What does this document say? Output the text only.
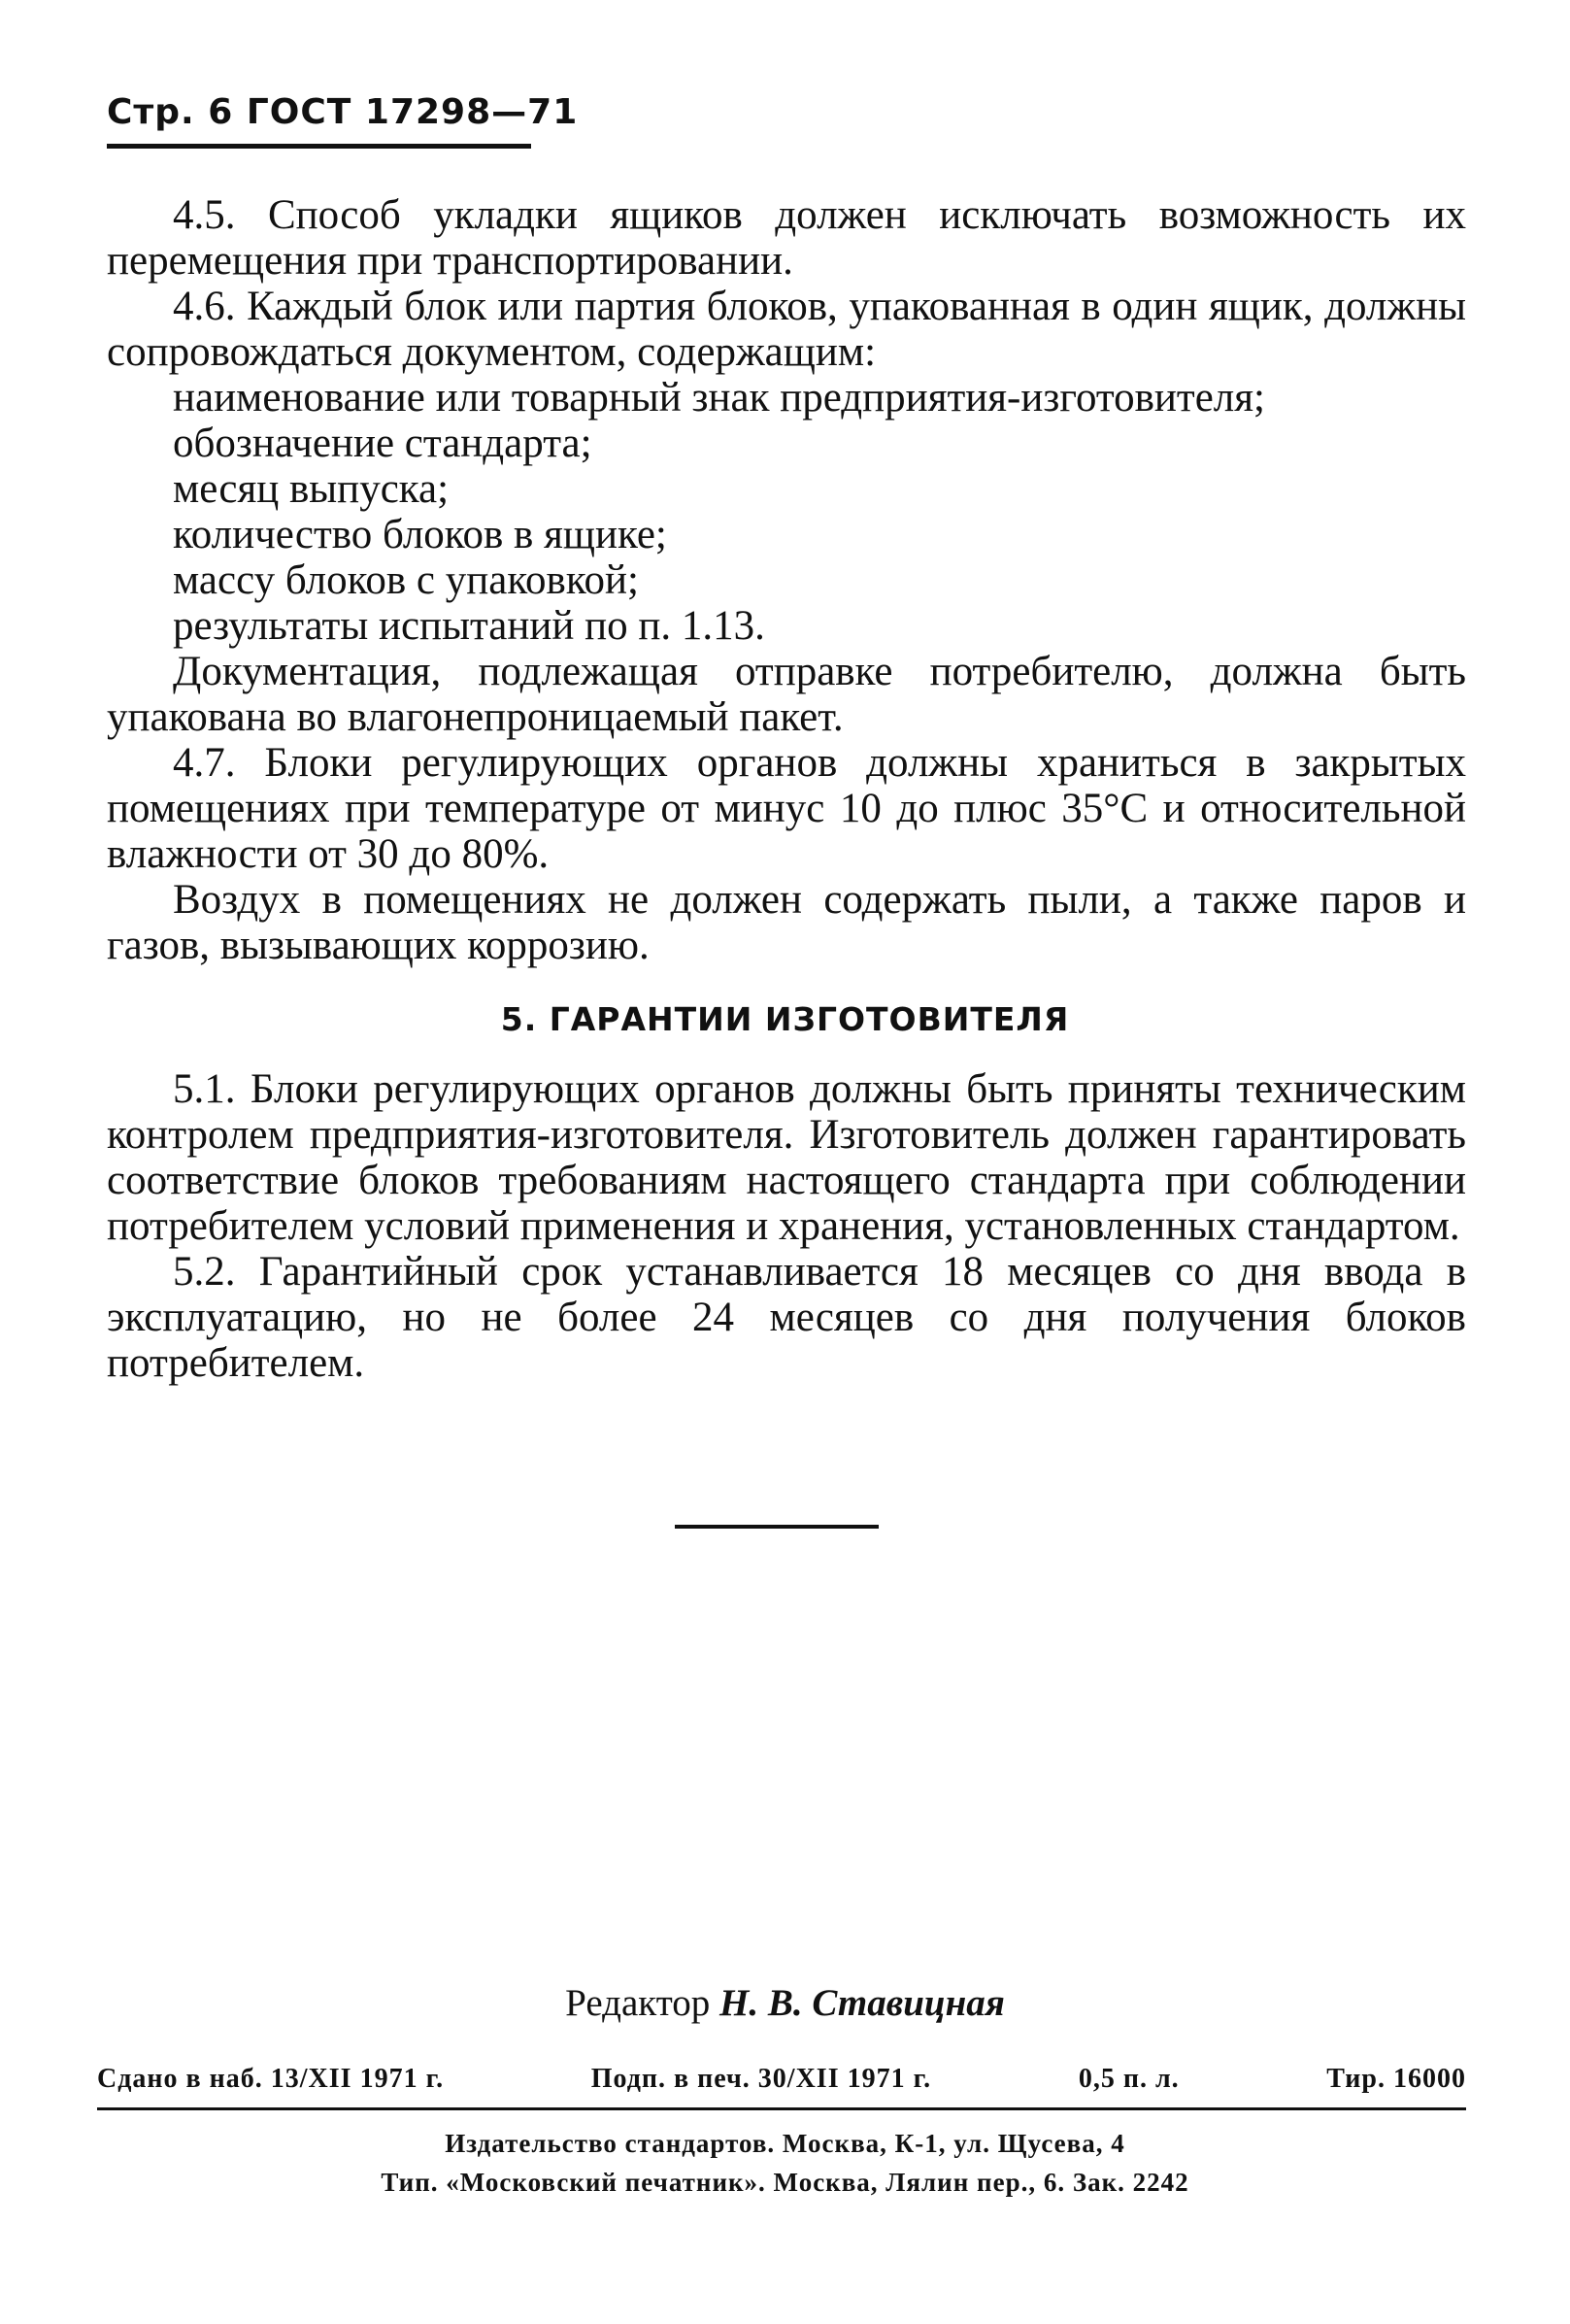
Стр. 6 ГОСТ 17298—71

4.5. Способ укладки ящиков должен исключать возможность их перемещения при транспортировании.

4.6. Каждый блок или партия блоков, упакованная в один ящик, должны сопровождаться документом, содержащим:

наименование или товарный знак предприятия-изготовителя;

обозначение стандарта;

месяц выпуска;

количество блоков в ящике;

массу блоков с упаковкой;

результаты испытаний по п. 1.13.

Документация, подлежащая отправке потребителю, должна быть упакована во влагонепроницаемый пакет.

4.7. Блоки регулирующих органов должны храниться в закрытых помещениях при температуре от минус 10 до плюс 35°С и относительной влажности от 30 до 80%.

Воздух в помещениях не должен содержать пыли, а также паров и газов, вызывающих коррозию.

5. ГАРАНТИИ ИЗГОТОВИТЕЛЯ

5.1. Блоки регулирующих органов должны быть приняты техническим контролем предприятия-изготовителя. Изготовитель должен гарантировать соответствие блоков требованиям настоящего стандарта при соблюдении потребителем условий применения и хранения, установленных стандартом.

5.2. Гарантийный срок устанавливается 18 месяцев со дня ввода в эксплуатацию, но не более 24 месяцев со дня получения блоков потребителем.

Редактор Н. В. Ставицная
Сдано в наб. 13/XII 1971 г.	Подп. в печ. 30/XII 1971 г.	0,5 п. л.	Тир. 16000
Издательство стандартов. Москва, К-1, ул. Щусева, 4
Тип. «Московский печатник». Москва, Лялин пер., 6. Зак. 2242
